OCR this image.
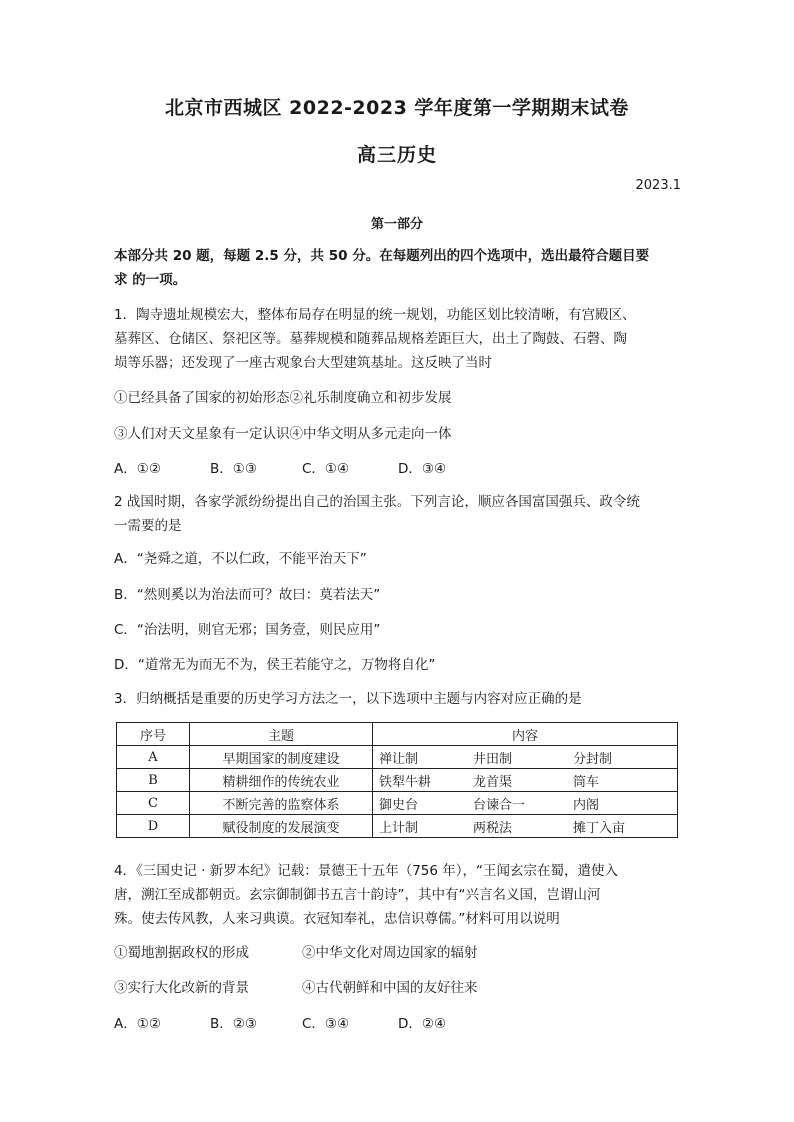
北京市西城区 2022-2023 学年度第一学期期末试卷
高三历史
2023.1
第一部分
本部分共 20 题，每题 2.5 分，共 50 分。在每题列出的四个选项中，选出最符合题目要
求 的一项。
1．陶寺遗址规模宏大，整体布局存在明显的统一规划，功能区划比较清晰，有宫殿区、
墓葬区、仓储区、祭祀区等。墓葬规模和随葬品规格差距巨大，出土了陶鼓、石磬、陶
埙等乐器；还发现了一座古观象台大型建筑基址。这反映了当时
①已经具备了国家的初始形态②礼乐制度确立和初步发展
③人们对天文星象有一定认识④中华文明从多元走向一体
A．①②	B．①③	C．①④	D．③④
2 战国时期，各家学派纷纷提出自己的治国主张。下列言论，顺应各国富国强兵、政令统
一需要的是
A．“尧舜之道，不以仁政，不能平治天下”
B．“然则奚以为治法而可？故曰：莫若法天”
C．“治法明，则官无邪；国务壹，则民应用”
D．“道常无为而无不为，侯王若能守之，万物将自化”
3．归纳概括是重要的历史学习方法之一，以下选项中主题与内容对应正确的是
序号	主题	内容
A	早期国家的制度建设	禅让制 井田制 分封制

B	精耕细作的传统农业	铁犁牛耕 龙首渠 筒车

C	不断完善的监察体系	御史台 台谏合一 内阁

D	赋役制度的发展演变	上计制 两税法 摊丁入亩
4．《三国史记 · 新罗本纪》记载：景德王十五年（756 年），“王闻玄宗在蜀，遣使入
唐，溯江至成都朝贡。玄宗御制御书五言十韵诗”，其中有“兴言名义国，岂谓山河
殊。使去传风教，人来习典谟。衣冠知奉礼，忠信识尊儒。”材料可用以说明
①蜀地割据政权的形成	②中华文化对周边国家的辐射
③实行大化改新的背景	④古代朝鲜和中国的友好往来
A．①②	B．②③	C．③④	D．②④
